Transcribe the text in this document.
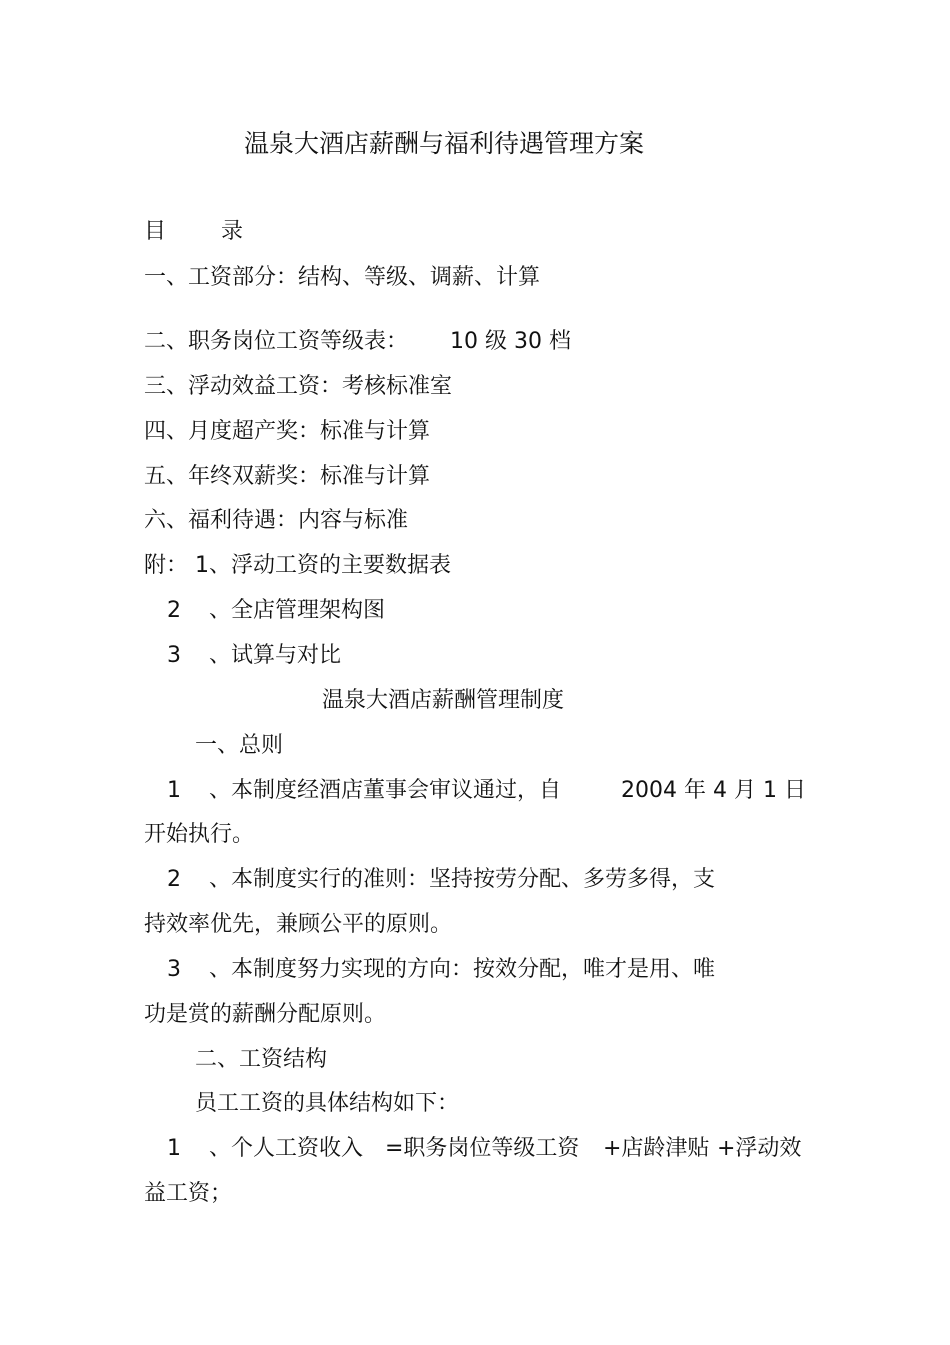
温泉大酒店薪酬与福利待遇管理方案
目 录
一、工资部分：结构、等级、调薪、计算
二、职务岗位工资等级表： 10 级 30 档
三、浮动效益工资：考核标准室
四、月度超产奖：标准与计算
五、年终双薪奖：标准与计算
六、福利待遇：内容与标准
附： 1 、浮动工资的主要数据表
2 、全店管理架构图
3 、试算与对比
温泉大酒店薪酬管理制度
一、总则
1 、本制度经酒店董事会审议通过，自	2004 年 4 月 1 日
开始执行。
2 、本制度实行的准则：坚持按劳分配、多劳多得，支
持效率优先，兼顾公平的原则。
3 、本制度努力实现的方向：按效分配，唯才是用、唯
功是赏的薪酬分配原则。
二、工资结构
员工工资的具体结构如下：
1 、个人工资收入 =职务岗位等级工资 +店龄津贴 +浮动效
益工资；
